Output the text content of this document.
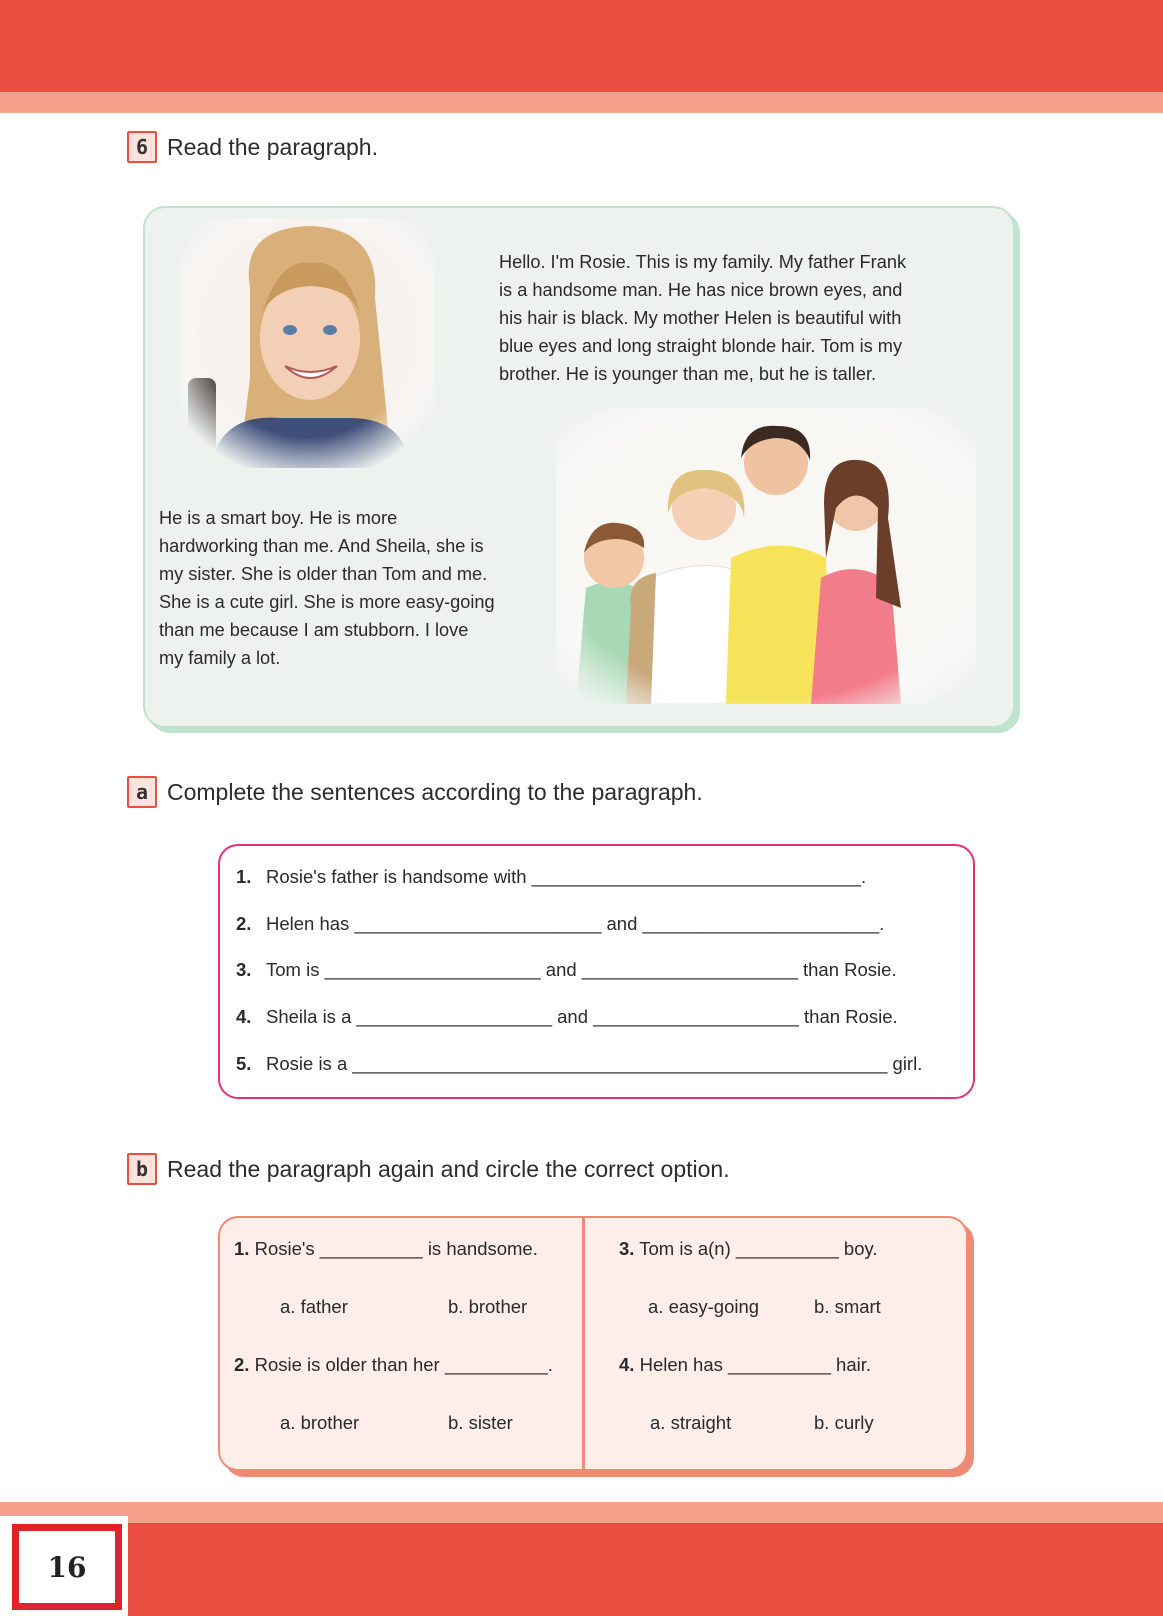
6 Read the paragraph.
Hello. I'm Rosie. This is my family. My father Frank
is a handsome man. He has nice brown eyes, and
his hair is black. My mother Helen is beautiful with
blue eyes and long straight blonde hair. Tom is my
brother. He is younger than me, but he is taller.
He is a smart boy. He is more
hardworking than me. And Sheila, she is
my sister. She is older than Tom and me.
She is a cute girl. She is more easy-going
than me because I am stubborn. I love
my family a lot.
a Complete the sentences according to the paragraph.
1. Rosie's father is handsome with ________________________________.
2. Helen has ________________________ and _______________________.
3. Tom is _____________________ and _____________________ than Rosie.
4. Sheila is a ___________________ and ____________________ than Rosie.
5. Rosie is a ____________________________________________________ girl.
b Read the paragraph again and circle the correct option.
1. Rosie's __________ is handsome.
a. father	b. brother
2. Rosie is older than her __________.
a. brother	b. sister
3. Tom is a(n) __________ boy.
a. easy-going	b. smart
4. Helen has __________ hair.
a. straight	b. curly
16
